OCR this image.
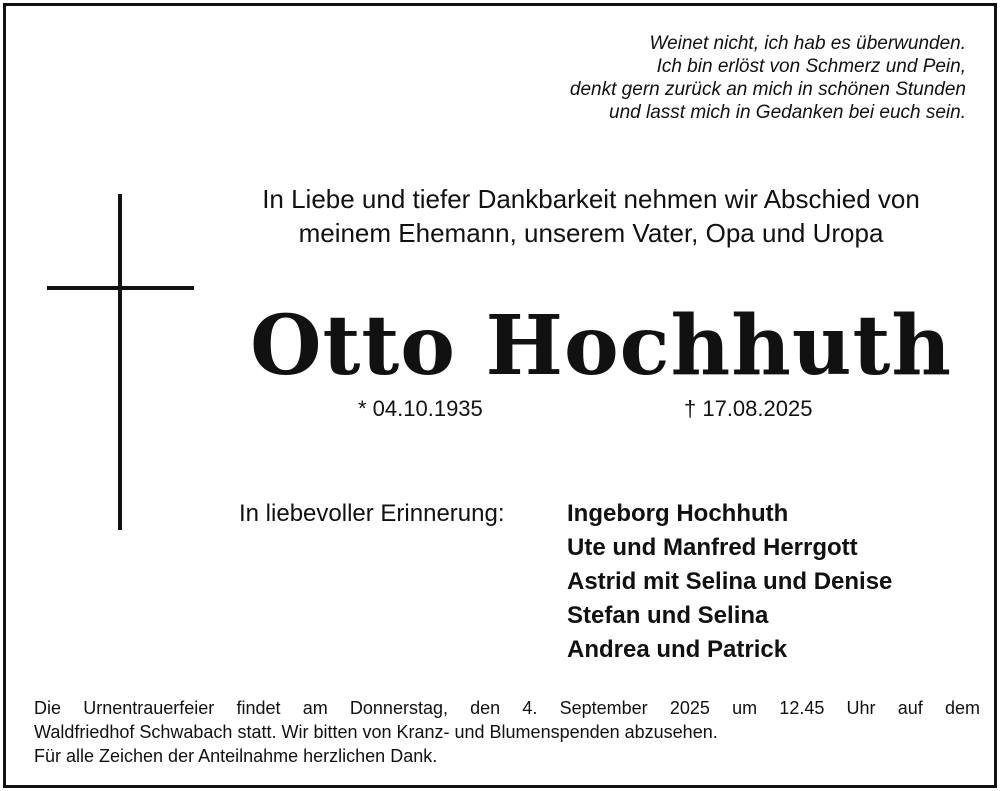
Weinet nicht, ich hab es überwunden.
Ich bin erlöst von Schmerz und Pein,
denkt gern zurück an mich in schönen Stunden
und lasst mich in Gedanken bei euch sein.
In Liebe und tiefer Dankbarkeit nehmen wir Abschied von
meinem Ehemann, unserem Vater, Opa und Uropa
Otto Hochhuth
* 04.10.1935	† 17.08.2025
In liebevoller Erinnerung:	Ingeborg Hochhuth
Ute und Manfred Herrgott
Astrid mit Selina und Denise
Stefan und Selina
Andrea und Patrick
Die Urnentrauerfeier findet am Donnerstag, den 4. September 2025 um 12.45 Uhr auf dem
Waldfriedhof Schwabach statt. Wir bitten von Kranz- und Blumenspenden abzusehen.
Für alle Zeichen der Anteilnahme herzlichen Dank.
